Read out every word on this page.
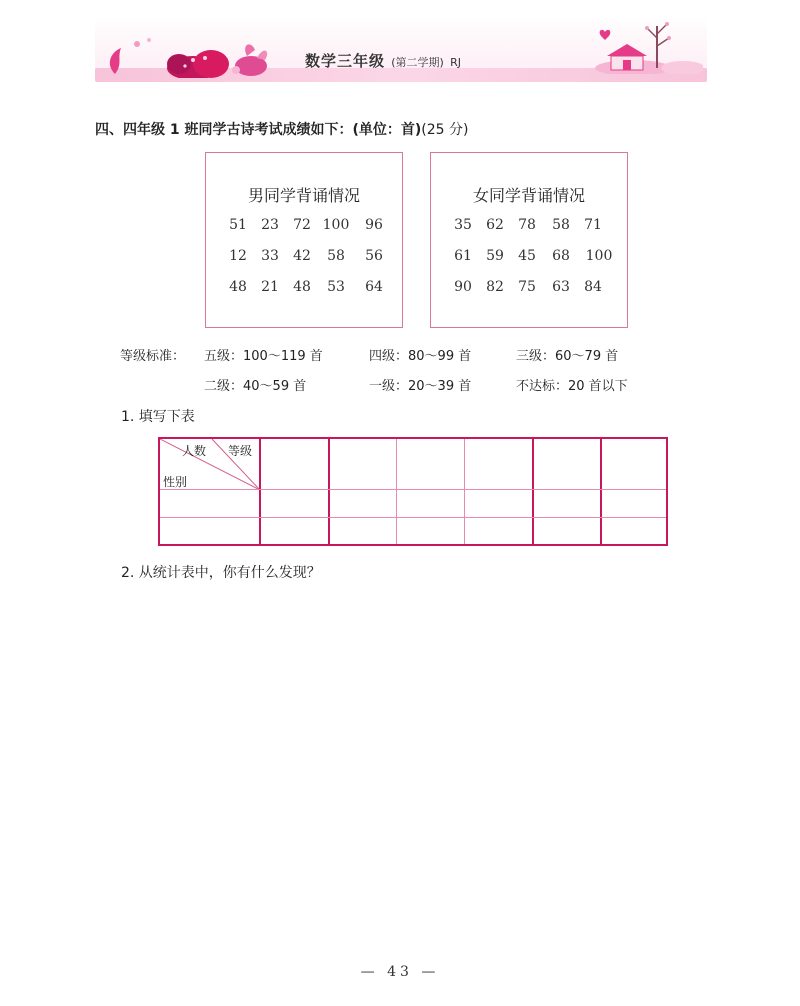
数学三年级 (第二学期) RJ
四、四年级 1 班同学古诗考试成绩如下：(单位：首)(25 分)
男同学背诵情况
51	23	72 100	96
12	33	42	58	56
48	21	48	53	64
女同学背诵情况
35	62	78	58	71
61	59	45	68	100
90	82	75	63	84
等级标准： 五级：100～119 首	四级：80～99 首	三级：60～79 首
二级：40～59 首	一级：20～39 首	不达标：20 首以下
1. 填写下表
人数 等级
性别
2. 从统计表中，你有什么发现？
— 43 —
